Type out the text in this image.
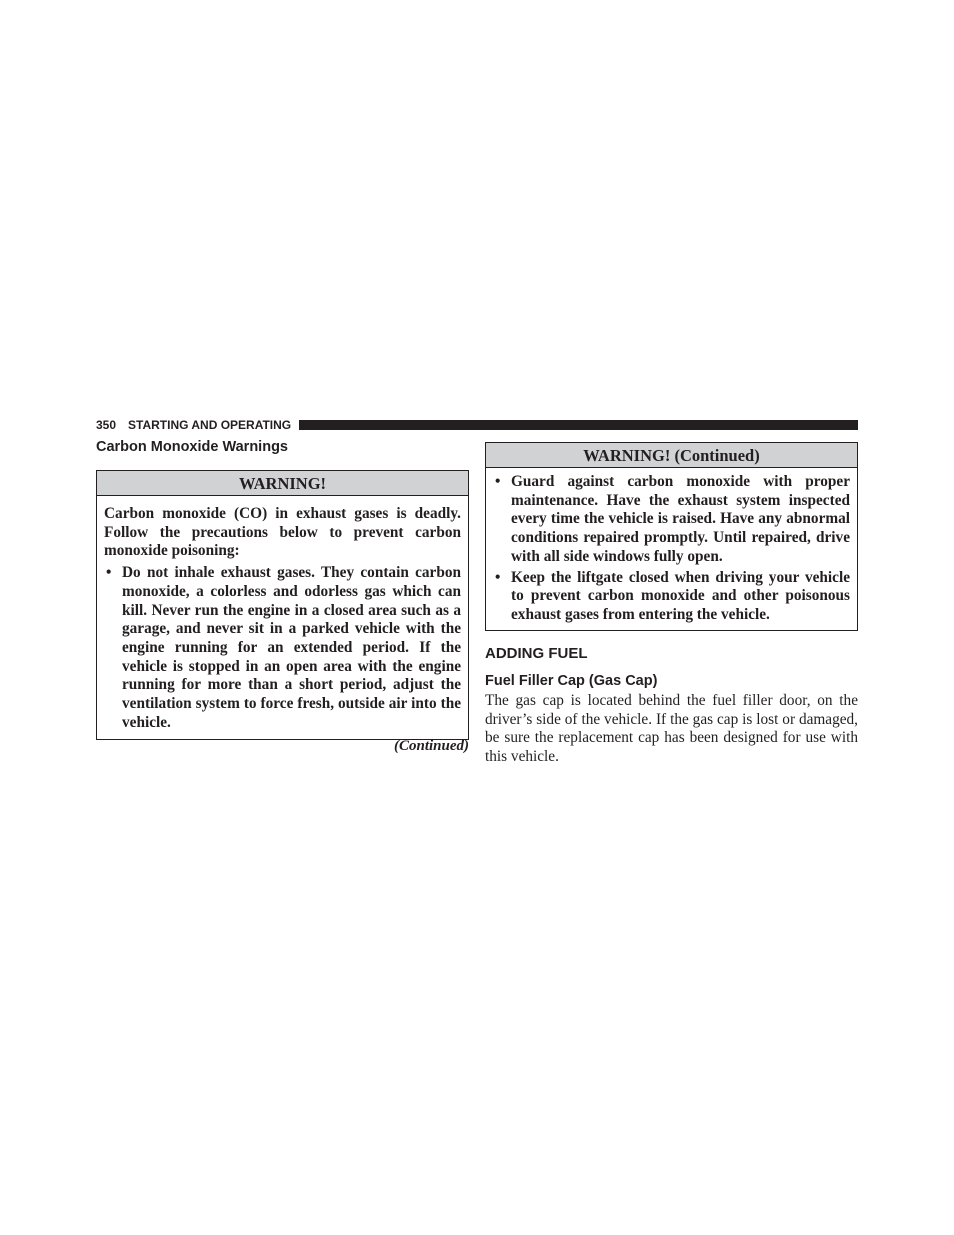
350 STARTING AND OPERATING
Carbon Monoxide Warnings
WARNING!

Carbon monoxide (CO) in exhaust gases is deadly. Follow the precautions below to prevent carbon monoxide poisoning:

• Do not inhale exhaust gases. They contain carbon monoxide, a colorless and odorless gas which can kill. Never run the engine in a closed area such as a garage, and never sit in a parked vehicle with the engine running for an extended period. If the vehicle is stopped in an open area with the engine running for more than a short period, adjust the ventilation system to force fresh, outside air into the vehicle.
(Continued)
WARNING! (Continued)
• Guard against carbon monoxide with proper maintenance. Have the exhaust system inspected every time the vehicle is raised. Have any abnormal conditions repaired promptly. Until repaired, drive with all side windows fully open.
• Keep the liftgate closed when driving your vehicle to prevent carbon monoxide and other poisonous exhaust gases from entering the vehicle.
ADDING FUEL
Fuel Filler Cap (Gas Cap)

The gas cap is located behind the fuel filler door, on the driver’s side of the vehicle. If the gas cap is lost or damaged, be sure the replacement cap has been designed for use with this vehicle.
